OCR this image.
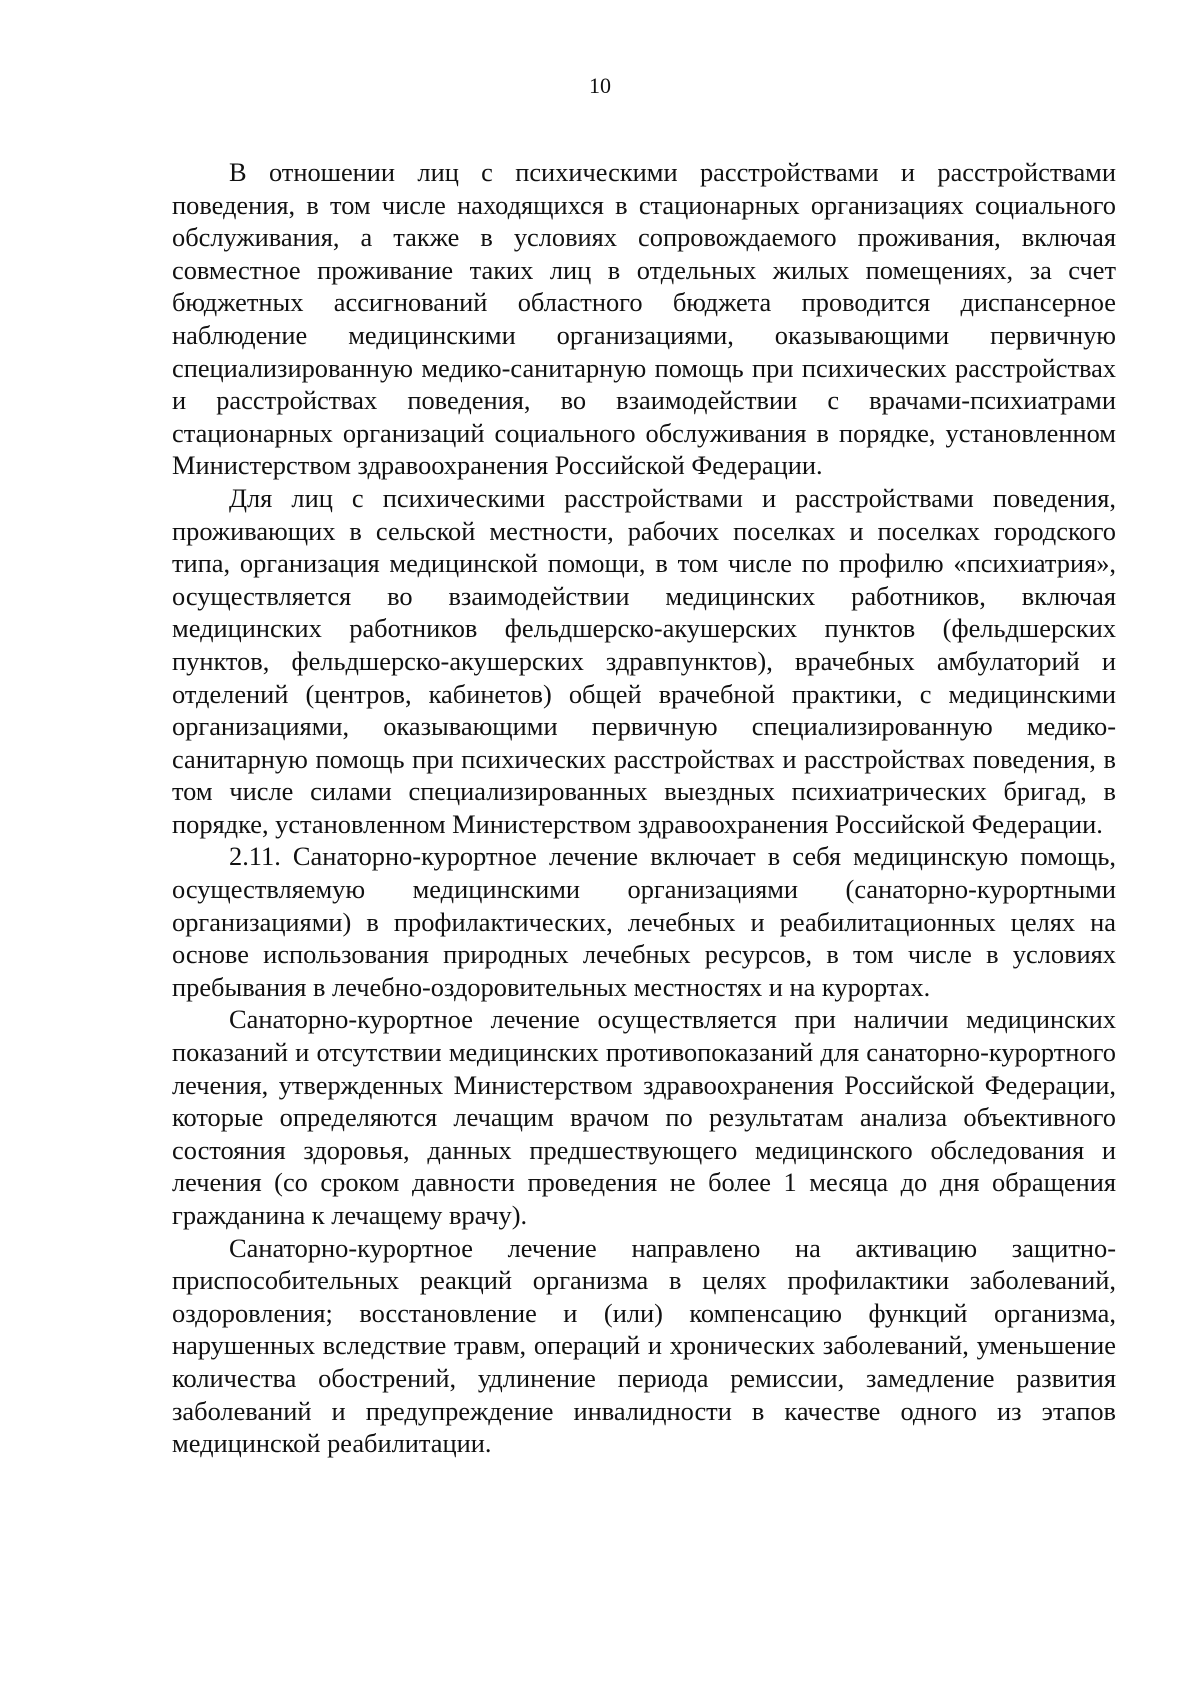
10

В отношении лиц с психическими расстройствами и расстройствами поведения, в том числе находящихся в стационарных организациях социального обслуживания, а также в условиях сопровождаемого проживания, включая совместное проживание таких лиц в отдельных жилых помещениях, за счет бюджетных ассигнований областного бюджета проводится диспансерное наблюдение медицинскими организациями, оказывающими первичную специализированную медико-санитарную помощь при психических расстройствах и расстройствах поведения, во взаимодействии с врачами-психиатрами стационарных организаций социального обслуживания в порядке, установленном Министерством здравоохранения Российской Федерации.

Для лиц с психическими расстройствами и расстройствами поведения, проживающих в сельской местности, рабочих поселках и поселках городского типа, организация медицинской помощи, в том числе по профилю «психиатрия», осуществляется во взаимодействии медицинских работников, включая медицинских работников фельдшерско-акушерских пунктов (фельдшерских пунктов, фельдшерско-акушерских здравпунктов), врачебных амбулаторий и отделений (центров, кабинетов) общей врачебной практики, с медицинскими организациями, оказывающими первичную специализированную медико-санитарную помощь при психических расстройствах и расстройствах поведения, в том числе силами специализированных выездных психиатрических бригад, в порядке, установленном Министерством здравоохранения Российской Федерации.

2.11. Санаторно-курортное лечение включает в себя медицинскую помощь, осуществляемую медицинскими организациями (санаторно-курортными организациями) в профилактических, лечебных и реабилитационных целях на основе использования природных лечебных ресурсов, в том числе в условиях пребывания в лечебно-оздоровительных местностях и на курортах.

Санаторно-курортное лечение осуществляется при наличии медицинских показаний и отсутствии медицинских противопоказаний для санаторно-курортного лечения, утвержденных Министерством здравоохранения Российской Федерации, которые определяются лечащим врачом по результатам анализа объективного состояния здоровья, данных предшествующего медицинского обследования и лечения (со сроком давности проведения не более 1 месяца до дня обращения гражданина к лечащему врачу).

Санаторно-курортное лечение направлено на активацию защитно-приспособительных реакций организма в целях профилактики заболеваний, оздоровления; восстановление и (или) компенсацию функций организма, нарушенных вследствие травм, операций и хронических заболеваний, уменьшение количества обострений, удлинение периода ремиссии, замедление развития заболеваний и предупреждение инвалидности в качестве одного из этапов медицинской реабилитации.
